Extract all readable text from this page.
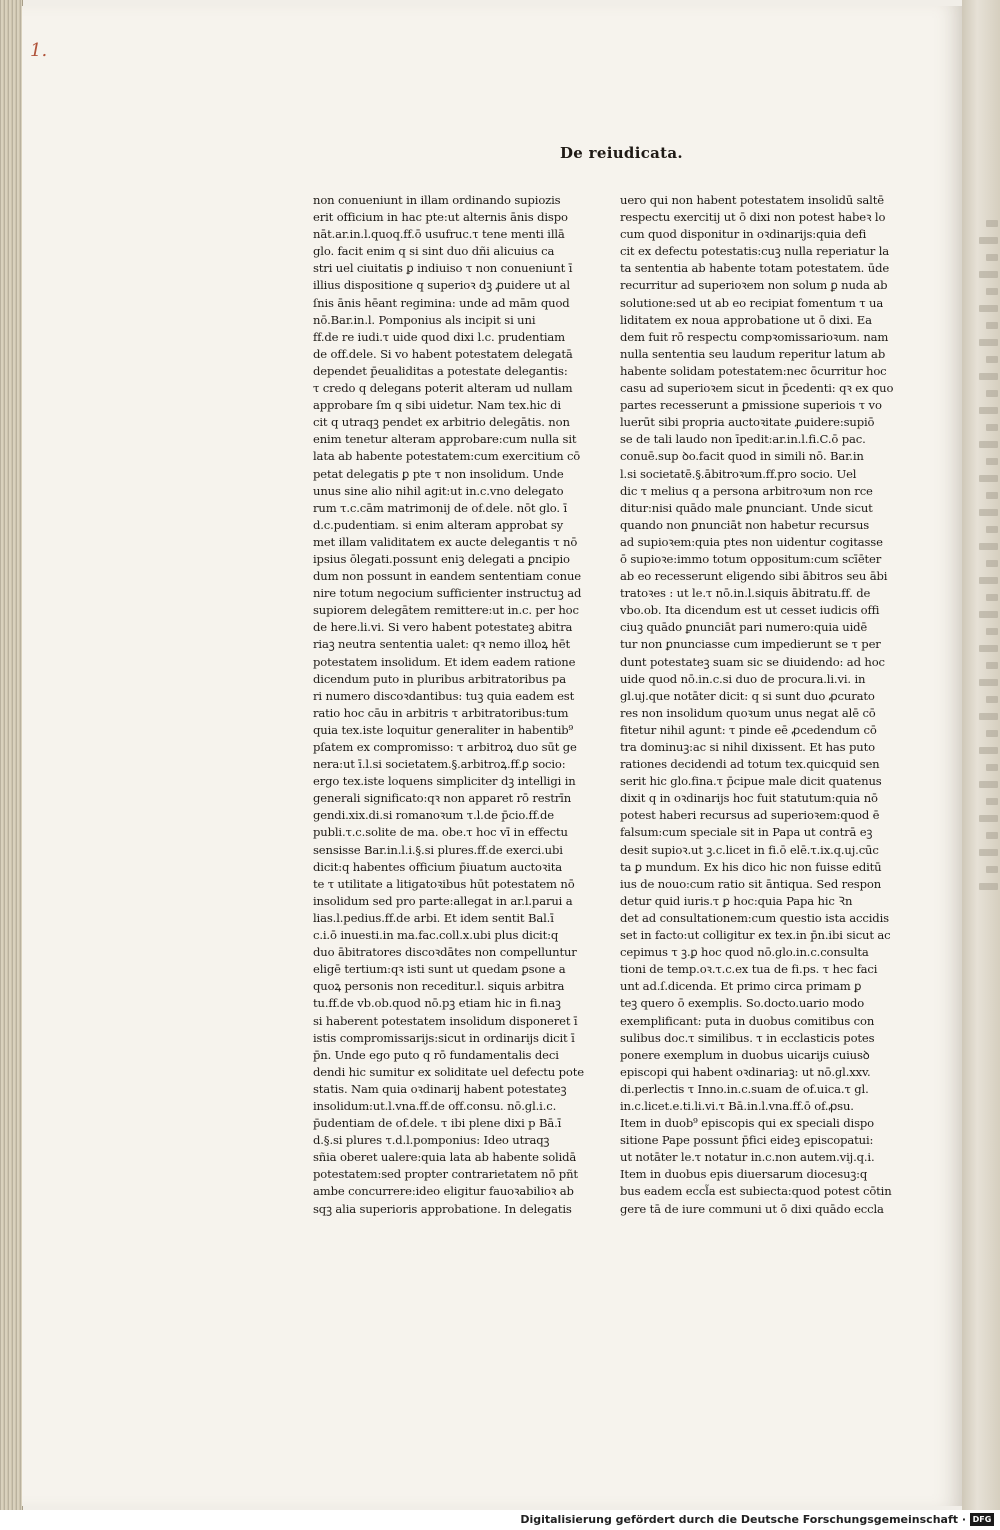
1.
De reiudicata.
non conueniunt in illam ordinando supiozis
erit officium in hac pte:ut alternis ānis dispo
nāt.ar.in.l.quoq.ff.ō usufruc.τ tene menti illā
glo. facit enim q si sint duo dñi alicuius ca
stri uel ciuitatis ꝑ indiuiso τ non conueniunt ī
illius dispositione q superioꝛ dꝫ ꝓuidere ut al
ſnis ānis hēant regimina: unde ad mām quod
nō.Bar.in.l. Pomponius als incipit si uni
ff.de re iudi.τ uide quod dixi l.c. prudentiam
de off.dele. Si vo habent potestatem delegatā
dependet p̄eualiditas a potestate delegantis:
τ credo q delegans poterit alteram ud nullam
approbare ſm q sibi uidetur. Nam tex.hic di
cit q utraqꝫ pendet ex arbitrio delegātis. non
enim tenetur alteram approbare:cum nulla sit
lata ab habente potestatem:cum exercitium cō
petat delegatis ꝑ pte τ non insolidum. Unde
unus sine alio nihil agit:ut in.c.vno delegato
rum τ.c.cām matrimonij de of.dele. nōt glo. ī
d.c.pudentiam. si enim alteram approbat sy
met illam validitatem ex aucte delegantis τ nō
ipsius ōlegati.possunt eniꝫ delegati a ꝑncipio
dum non possunt in eandem sententiam conue
nire totum negocium sufficienter instructuꝫ ad
supiorem delegātem remittere:ut in.c. per hoc
de here.li.vi. Si vero habent potestateꝫ abitra
riaꝫ neutra sententia ualet: qꝛ nemo illoꝝ hēt
potestatem insolidum. Et idem eadem ratione
dicendum puto in pluribus arbitratoribus pa
ri numero discoꝛdantibus: tuꝫ quia eadem est
ratio hoc cāu in arbitris τ arbitratoribus:tum
quia tex.iste loquitur generaliter in habentib⁹
pſatem ex compromisso: τ arbitroꝝ duo sūt ge
nera:ut ī.l.si societatem.§.arbitroꝝ.ff.ꝑ socio:
ergo tex.iste loquens simpliciter dꝫ intelligi in
generali significato:qꝛ non apparet rō restrīn
gendi.xix.di.si romanoꝛum τ.l.de p̄cio.ff.de
publi.τ.c.solite de ma. obe.τ hoc vī in effectu
sensisse Bar.in.l.i.§.si plures.ff.de exerci.ubi
dicit:q habentes officium p̄iuatum auctoꝛita
te τ utilitate a litigatoꝛibus hūt potestatem nō
insolidum sed pro parte:allegat in ar.l.parui a
lias.l.pedius.ff.de arbi. Et idem sentit Bal.ī
c.i.ō inuesti.in ma.fac.coll.x.ubi plus dicit:q
duo ābitratores discoꝛdātes non compelluntur
eligē tertium:qꝛ isti sunt ut quedam ꝑsone a
quoꝝ personis non receditur.l. siquis arbitra
tu.ff.de vb.ob.quod nō.pꝫ etiam hic in fi.naꝫ
si haberent potestatem insolidum disponeret ī
istis compromissarijs:sicut in ordinarijs dicit ī
p̄n. Unde ego puto q rō fundamentalis deci
dendi hic sumitur ex soliditate uel defectu pote
statis. Nam quia oꝛdinarij habent potestateꝫ
insolidum:ut.l.vna.ff.de off.consu. nō.gl.i.c.
p̄udentiam de of.dele. τ ibi plene dixi p Bā.ī
d.§.si plures τ.d.l.pomponius: Ideo utraqꝫ
sñia oberet ualere:quia lata ab habente solidā
potestatem:sed propter contrarietatem nō pñt
ambe concurrere:ideo eligitur fauoꝛabilioꝛ ab
sqꝫ alia superioris approbatione. In delegatis
uero qui non habent potestatem insolidū saltē
respectu exercitij ut ō dixi non potest habeꝛ lo
cum quod disponitur in oꝛdinarijs:quia defi
cit ex defectu potestatis:cuꝫ nulla reperiatur la
ta sententia ab habente totam potestatem. ūde
recurritur ad superioꝛem non solum ꝑ nuda ab
solutione:sed ut ab eo recipiat fomentum τ ua
liditatem ex noua approbatione ut ō dixi. Ea
dem fuit rō respectu compꝛomissarioꝛum. nam
nulla sententia seu laudum reperitur latum ab
habente solidam potestatem:nec ōcurritur hoc
casu ad superioꝛem sicut in p̄cedenti: qꝛ ex quo
partes recesserunt a ꝑmissione superiois τ vo
luerūt sibi propria auctoꝛitate ꝓuidere:supiō
se de tali laudo non īpedit:ar.in.l.fi.C.ō pac.
conuē.sup ꝺo.facit quod in simili nō. Bar.in
l.si societatē.§.ābitroꝛum.ff.pro socio. Uel
dic τ melius q a persona arbitroꝛum non rce
ditur:nisi quādo male ꝑnunciant. Unde sicut
quando non ꝑnunciāt non habetur recursus
ad supioꝛem:quia ptes non uidentur cogitasse
ō supioꝛe:immo totum oppositum:cum scīēter
ab eo recesserunt eligendo sibi ābitros seu ābi
tratoꝛes : ut le.τ nō.in.l.siquis ābitratu.ff. de
vbo.ob. Ita dicendum est ut cesset iudicis offi
ciuꝫ quādo ꝑnunciāt pari numero:quia uidē
tur non ꝑnunciasse cum impedierunt se τ per
dunt potestateꝫ suam sic se diuidendo: ad hoc
uide quod nō.in.c.si duo de procura.li.vi. in
gl.uj.que notāter dicit: q si sunt duo ꝓcurato
res non insolidum quoꝛum unus negat alē cō
fitetur nihil agunt: τ pinde eē ꝓcedendum cō
tra dominuꝫ:ac si nihil dixissent. Et has puto
rationes decidendi ad totum tex.quicquid sen
serit hic glo.fina.τ p̄cipue male dicit quatenus
dixit q in oꝛdinarijs hoc fuit statutum:quia nō
potest haberi recursus ad superioꝛem:quod ē
falsum:cum speciale sit in Papa ut contrā eꝫ
desit supioꝛ.ut ꝫ.c.licet in fi.ō elē.τ.ix.q.uj.cūc
ta ꝑ mundum. Ex his dico hic non fuisse editū
ius de nouo:cum ratio sit āntiqua. Sed respon
detur quid iuris.τ ꝑ hoc:quia Papa hic Ꝛn
det ad consultationem:cum questio ista accidis
set in facto:ut colligitur ex tex.in p̄n.ibi sicut ac
cepimus τ ꝫ.ꝑ hoc quod nō.glo.in.c.consulta
tioni de temp.oꝛ.τ.c.ex tua de fi.ps. τ hec faci
unt ad.ſ.dicenda. Et primo circa primam ꝑ
teꝫ quero ō exemplis. So.docto.uario modo
exemplificant: puta in duobus comitibus con
sulibus doc.τ similibus. τ in ecclasticis potes
ponere exemplum in duobus uicarijs cuiusꝺ
episcopi qui habent oꝛdinariaꝫ: ut nō.gl.xxv.
di.perlectis τ Inno.in.c.suam de of.uica.τ gl.
in.c.licet.e.ti.li.vi.τ Bā.in.l.vna.ff.ō of.ꝓsu.
Item in duob⁹ episcopis qui ex speciali dispo
sitione Pape possunt p̄fici eideꝫ episcopatui:
ut notāter le.τ notatur in.c.non autem.vij.q.i.
Item in duobus epis diuersarum diocesuꝫ:q
bus eadem eccl̃a est subiecta:quod potest cōtin
gere tā de iure communi ut ō dixi quādo eccla
Digitalisierung gefördert durch die Deutsche Forschungsgemeinschaft · DFG
